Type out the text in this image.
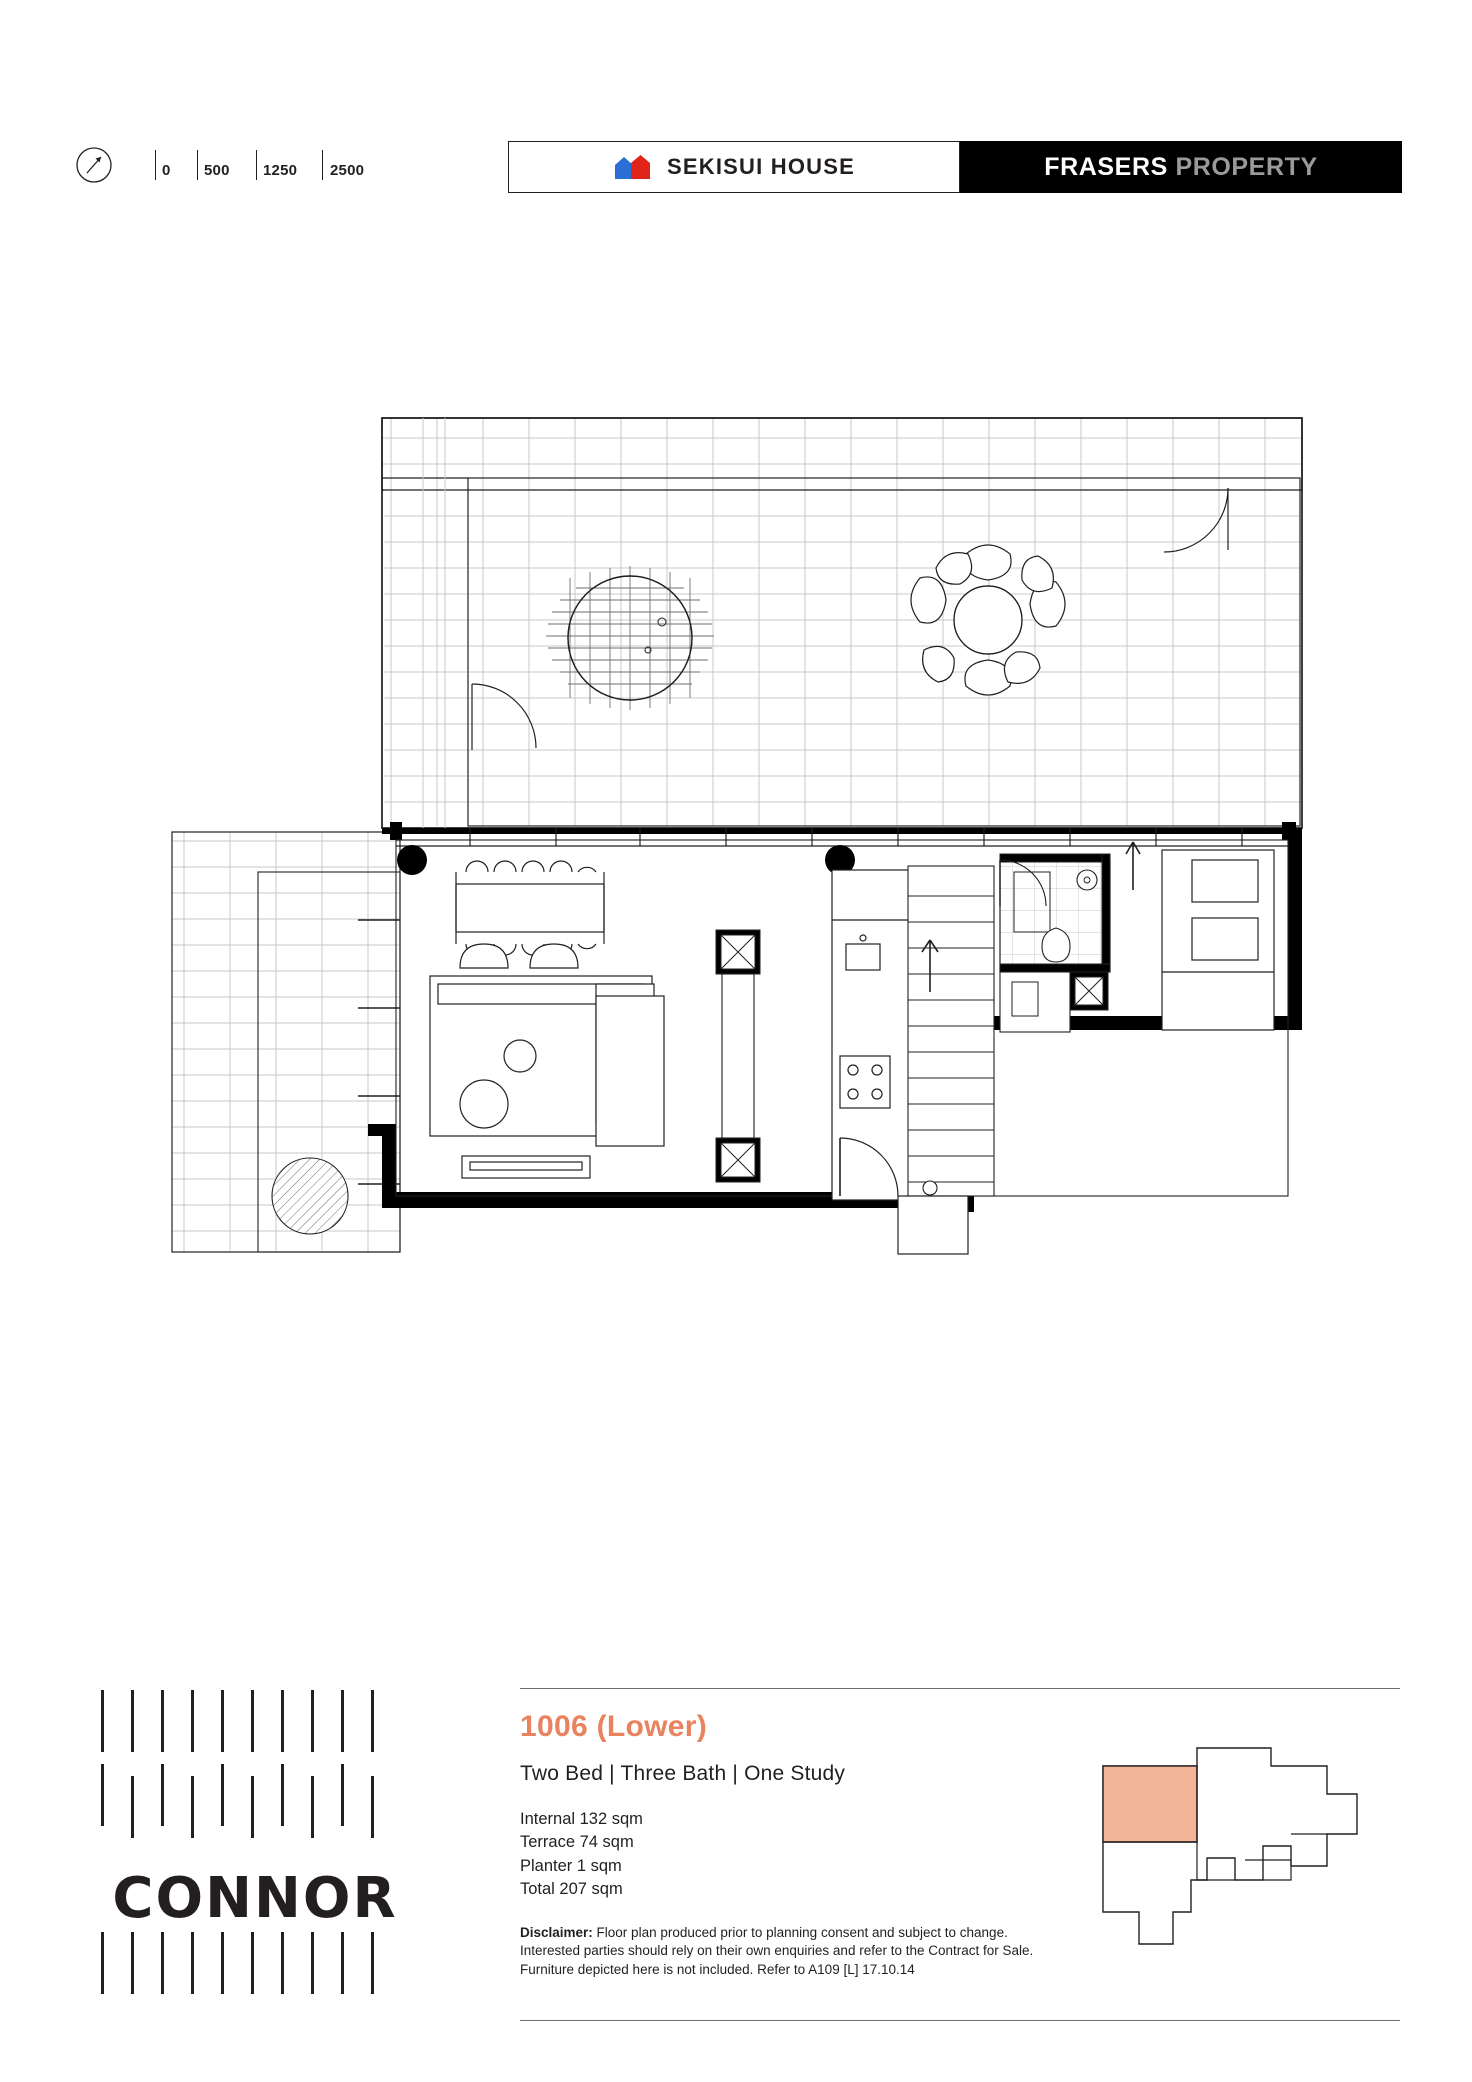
0 500 1250 2500	SEKISUI HOUSE	FRASERS PROPERTY
CONNOR
1006 (Lower)
Two Bed | Three Bath | One Study
Internal 132 sqm
Terrace 74 sqm
Planter 1 sqm
Total 207 sqm
Disclaimer: Floor plan produced prior to planning consent and subject to change. Interested parties should rely on their own enquiries and refer to the Contract for Sale. Furniture depicted here is not included. Refer to A109 [L] 17.10.14
